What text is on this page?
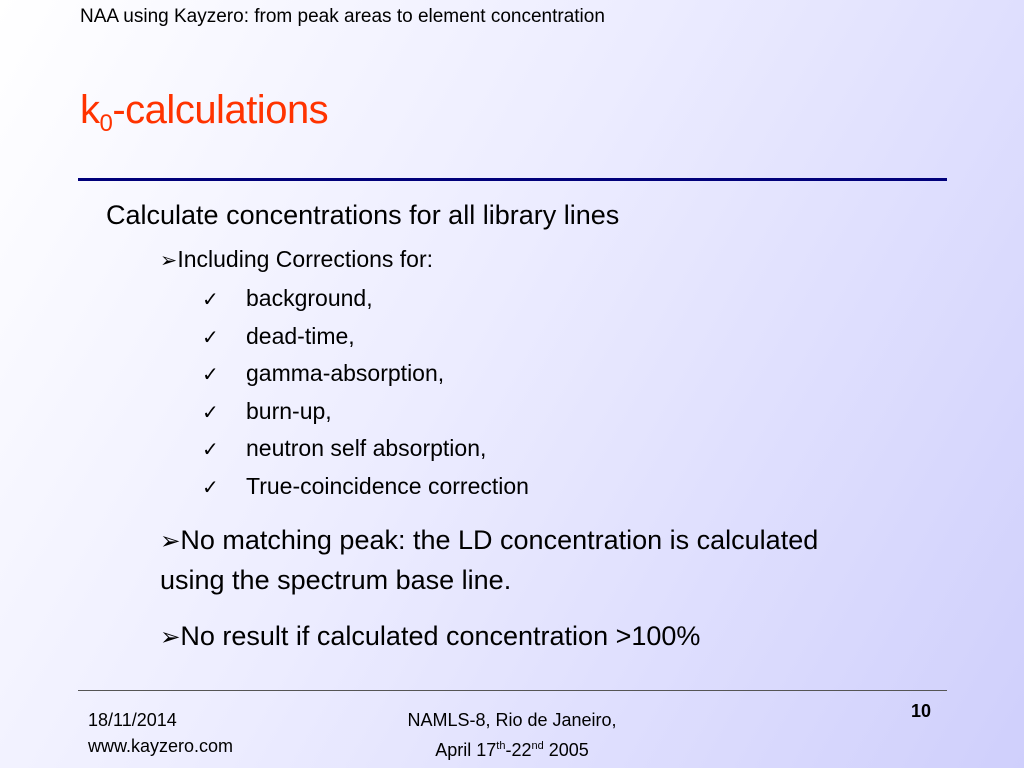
NAA using Kayzero: from peak areas to element concentration
$k_0$-calculations
Calculate concentrations for all library lines
➢Including Corrections for:
✓ background,
✓ dead-time,
✓ gamma-absorption,
✓ burn-up,
✓ neutron self absorption,
✓ True-coincidence correction
➢No matching peak: the LD concentration is calculated using the spectrum base line.
➢No result if calculated concentration >100%
18/11/2014
www.kayzero.com
NAMLS-8, Rio de Janeiro,
April 17th-22nd 2005
10
